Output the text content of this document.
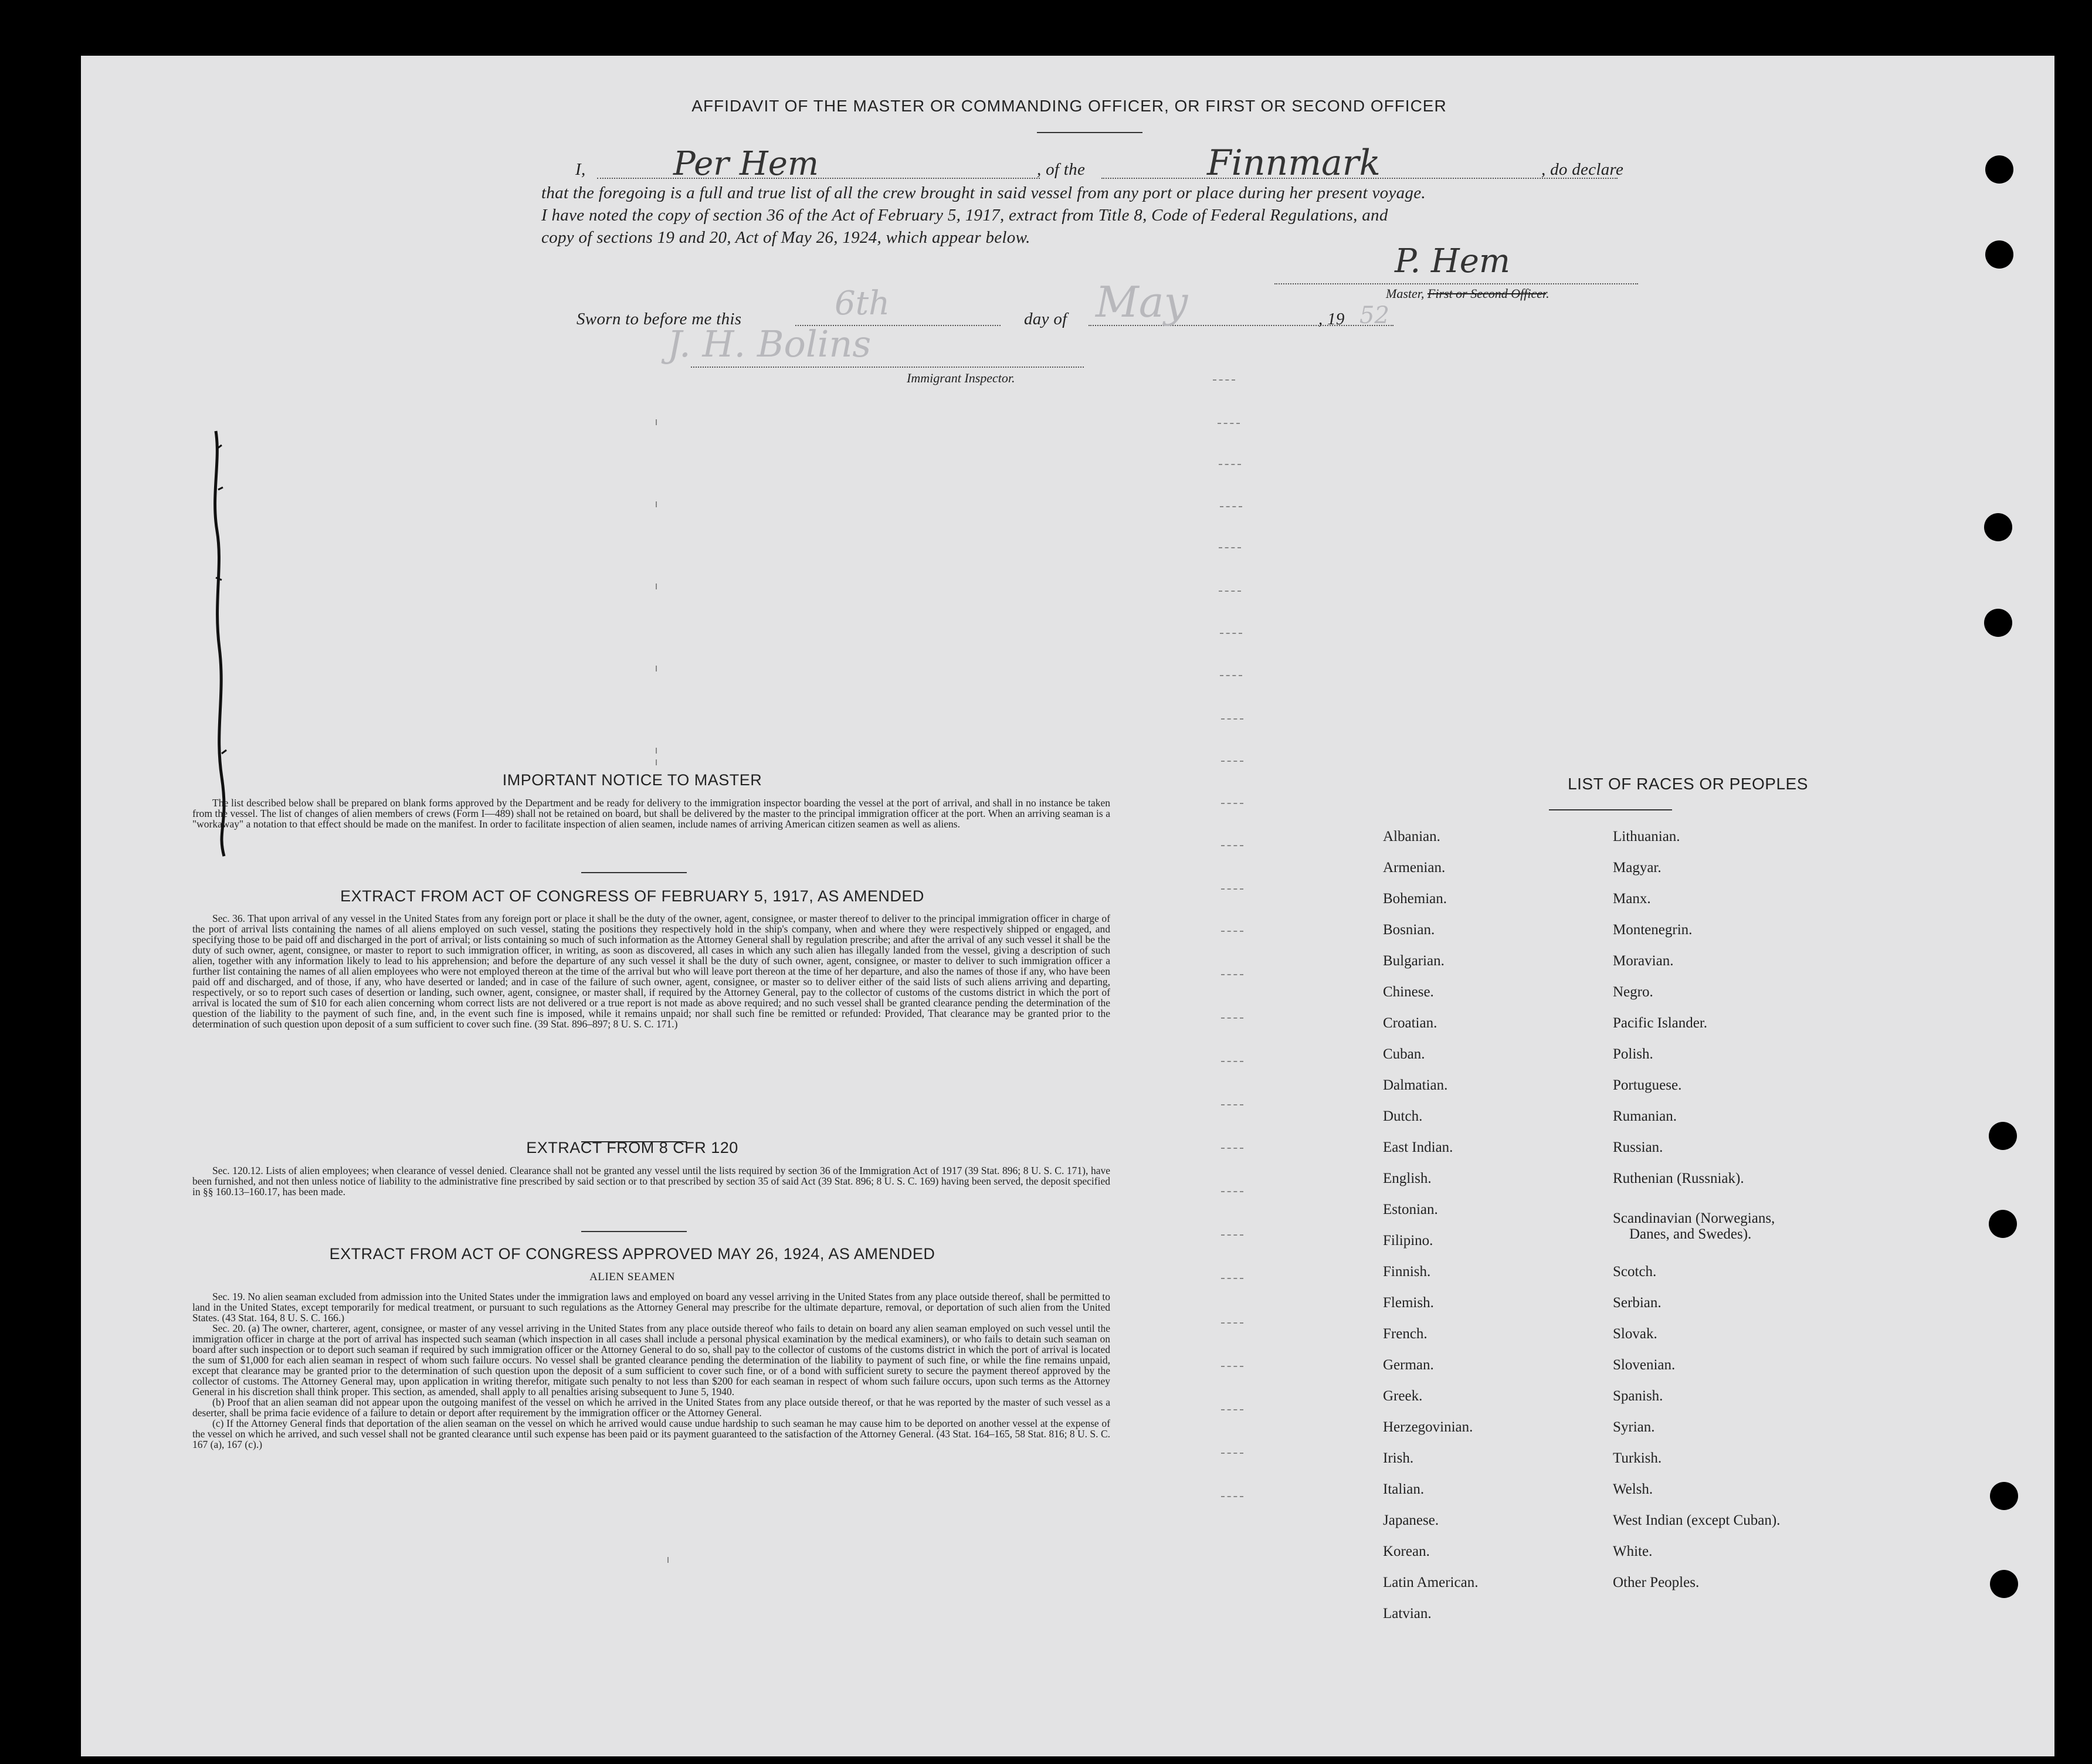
AFFIDAVIT OF THE MASTER OR COMMANDING OFFICER, OR FIRST OR SECOND OFFICER
I,	Per Hem	, of the	Finnmark	, do declare
that the foregoing is a full and true list of all the crew brought in said vessel from any port or place during her present voyage.
I have noted the copy of section 36 of the Act of February 5, 1917, extract from Title 8, Code of Federal Regulations, and
copy of sections 19 and 20, Act of May 26, 1924, which appear below.
P. Hem
Master, First or Second Officer.
Sworn to before me this	6th	day of May	, 19 52
J. H. Bolins
Immigrant Inspector.
IMPORTANT NOTICE TO MASTER

The list described below shall be prepared on blank forms approved by the Department and be ready for delivery to the immigration inspector boarding the vessel at the port of arrival, and shall in no instance be taken from the vessel. The list of changes of alien members of crews (Form I—489) shall not be retained on board, but shall be delivered by the master to the principal immigration officer at the port. When an arriving seaman is a "workaway" a notation to that effect should be made on the manifest. In order to facilitate inspection of alien seamen, include names of arriving American citizen seamen as well as aliens.

EXTRACT FROM ACT OF CONGRESS OF FEBRUARY 5, 1917, AS AMENDED

Sec. 36. That upon arrival of any vessel in the United States from any foreign port or place it shall be the duty of the owner, agent, consignee, or master thereof to deliver to the principal immigration officer in charge of the port of arrival lists containing the names of all aliens employed on such vessel, stating the positions they respectively hold in the ship's company, when and where they were respectively shipped or engaged, and specifying those to be paid off and discharged in the port of arrival; or lists containing so much of such information as the Attorney General shall by regulation prescribe; and after the arrival of any such vessel it shall be the duty of such owner, agent, consignee, or master to report to such immigration officer, in writing, as soon as discovered, all cases in which any such alien has illegally landed from the vessel, giving a description of such alien, together with any information likely to lead to his apprehension; and before the departure of any such vessel it shall be the duty of such owner, agent, consignee, or master to deliver to such immigration officer a further list containing the names of all alien employees who were not employed thereon at the time of the arrival but who will leave port thereon at the time of her departure, and also the names of those if any, who have been paid off and discharged, and of those, if any, who have deserted or landed; and in case of the failure of such owner, agent, consignee, or master so to deliver either of the said lists of such aliens arriving and departing, respectively, or so to report such cases of desertion or landing, such owner, agent, consignee, or master shall, if required by the Attorney General, pay to the collector of customs of the customs district in which the port of arrival is located the sum of $10 for each alien concerning whom correct lists are not delivered or a true report is not made as above required; and no such vessel shall be granted clearance pending the determination of the question of the liability to the payment of such fine, and, in the event such fine is imposed, while it remains unpaid; nor shall such fine be remitted or refunded: Provided, That clearance may be granted prior to the determination of such question upon deposit of a sum sufficient to cover such fine. (39 Stat. 896–897; 8 U. S. C. 171.)

EXTRACT FROM 8 CFR 120

Sec. 120.12. Lists of alien employees; when clearance of vessel denied. Clearance shall not be granted any vessel until the lists required by section 36 of the Immigration Act of 1917 (39 Stat. 896; 8 U. S. C. 171), have been furnished, and not then unless notice of liability to the administrative fine prescribed by said section or to that prescribed by section 35 of said Act (39 Stat. 896; 8 U. S. C. 169) having been served, the deposit specified in §§ 160.13–160.17, has been made.

EXTRACT FROM ACT OF CONGRESS APPROVED MAY 26, 1924, AS AMENDED
ALIEN SEAMEN

Sec. 19. No alien seaman excluded from admission into the United States under the immigration laws and employed on board any vessel arriving in the United States from any place outside thereof, shall be permitted to land in the United States, except temporarily for medical treatment, or pursuant to such regulations as the Attorney General may prescribe for the ultimate departure, removal, or deportation of such alien from the United States. (43 Stat. 164, 8 U. S. C. 166.)

Sec. 20. (a) The owner, charterer, agent, consignee, or master of any vessel arriving in the United States from any place outside thereof who fails to detain on board any alien seaman employed on such vessel until the immigration officer in charge at the port of arrival has inspected such seaman (which inspection in all cases shall include a personal physical examination by the medical examiners), or who fails to detain such seaman on board after such inspection or to deport such seaman if required by such immigration officer or the Attorney General to do so, shall pay to the collector of customs of the customs district in which the port of arrival is located the sum of $1,000 for each alien seaman in respect of whom such failure occurs. No vessel shall be granted clearance pending the determination of the liability to payment of such fine, or while the fine remains unpaid, except that clearance may be granted prior to the determination of such question upon the deposit of a sum sufficient to cover such fine, or of a bond with sufficient surety to secure the payment thereof approved by the collector of customs. The Attorney General may, upon application in writing therefor, mitigate such penalty to not less than $200 for each seaman in respect of whom such failure occurs, upon such terms as the Attorney General in his discretion shall think proper. This section, as amended, shall apply to all penalties arising subsequent to June 5, 1940.

(b) Proof that an alien seaman did not appear upon the outgoing manifest of the vessel on which he arrived in the United States from any place outside thereof, or that he was reported by the master of such vessel as a deserter, shall be prima facie evidence of a failure to detain or deport after requirement by the immigration officer or the Attorney General.

(c) If the Attorney General finds that deportation of the alien seaman on the vessel on which he arrived would cause undue hardship to such seaman he may cause him to be deported on another vessel at the expense of the vessel on which he arrived, and such vessel shall not be granted clearance until such expense has been paid or its payment guaranteed to the satisfaction of the Attorney General. (43 Stat. 164–165, 58 Stat. 816; 8 U. S. C. 167 (a), 167 (c).)

LIST OF RACES OR PEOPLES
Albanian.
Armenian.
Bohemian.
Bosnian.
Bulgarian.
Chinese.
Croatian.
Cuban.
Dalmatian.
Dutch.
East Indian.
English.
Estonian.
Filipino.
Finnish.
Flemish.
French.
German.
Greek.
Herzegovinian.
Irish.
Italian.
Japanese.
Korean.
Latin American.
Latvian.
Lithuanian.
Magyar.
Manx.
Montenegrin.
Moravian.
Negro.
Pacific Islander.
Polish.
Portuguese.
Rumanian.
Russian.
Ruthenian (Russniak).
Scandinavian (Norwegians,
Danes, and Swedes).
Scotch.
Serbian.
Slovak.
Slovenian.
Spanish.
Syrian.
Turkish.
Welsh.
West Indian (except Cuban).
White.
Other Peoples.
